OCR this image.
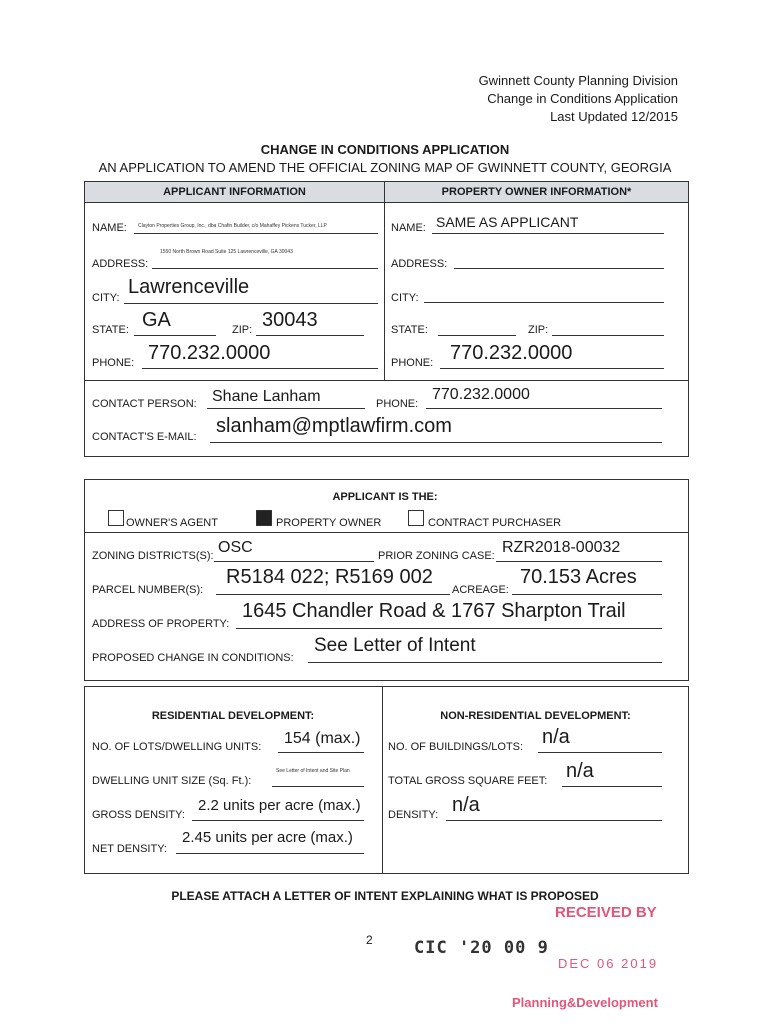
Gwinnett County Planning Division
Change in Conditions Application
Last Updated 12/2015
CHANGE IN CONDITIONS APPLICATION
AN APPLICATION TO AMEND THE OFFICIAL ZONING MAP OF GWINNETT COUNTY, GEORGIA
APPLICANT INFORMATION	PROPERTY OWNER INFORMATION*
NAME: Clayton Properties Group, Inc., dba Chafin Builder, c/o Mahaffey Pickens Tucker, LLP
ADDRESS:
1550 North Brown Road Suite 125 Lawrenceville, GA 30043
CITY: Lawrenceville
STATE: GA	ZIP: 30043
PHONE: 770.232.0000
NAME: SAME AS APPLICANT
ADDRESS:
CITY:
STATE:	ZIP:
PHONE: 770.232.0000
CONTACT PERSON: Shane Lanham	PHONE:
770.232.0000
CONTACT'S E-MAIL: slanham@mptlawfirm.com
APPLICANT IS THE:
OWNER'S AGENT	PROPERTY OWNER	CONTRACT PURCHASER
ZONING DISTRICTS(S): OSC	PRIOR ZONING CASE: RZR2018-00032
PARCEL NUMBER(S):
R5184 022; R5169 002
ACREAGE:
70.153 Acres
ADDRESS OF PROPERTY:
1645 Chandler Road & 1767 Sharpton Trail
PROPOSED CHANGE IN CONDITIONS:
See Letter of Intent
RESIDENTIAL DEVELOPMENT:	NON-RESIDENTIAL DEVELOPMENT:
NO. OF LOTS/DWELLING UNITS: 154 (max.)
DWELLING UNIT SIZE (Sq. Ft.):
See Letter of Intent and Site Plan
GROSS DENSITY:
2.2 units per acre (max.)
NET DENSITY:
2.45 units per acre (max.)
NO. OF BUILDINGS/LOTS: n/a
TOTAL GROSS SQUARE FEET: n/a
DENSITY: n/a
PLEASE ATTACH A LETTER OF INTENT EXPLAINING WHAT IS PROPOSED
2 CIC '20 00 9
RECEIVED BY
DEC 06 2019
Planning&Development
